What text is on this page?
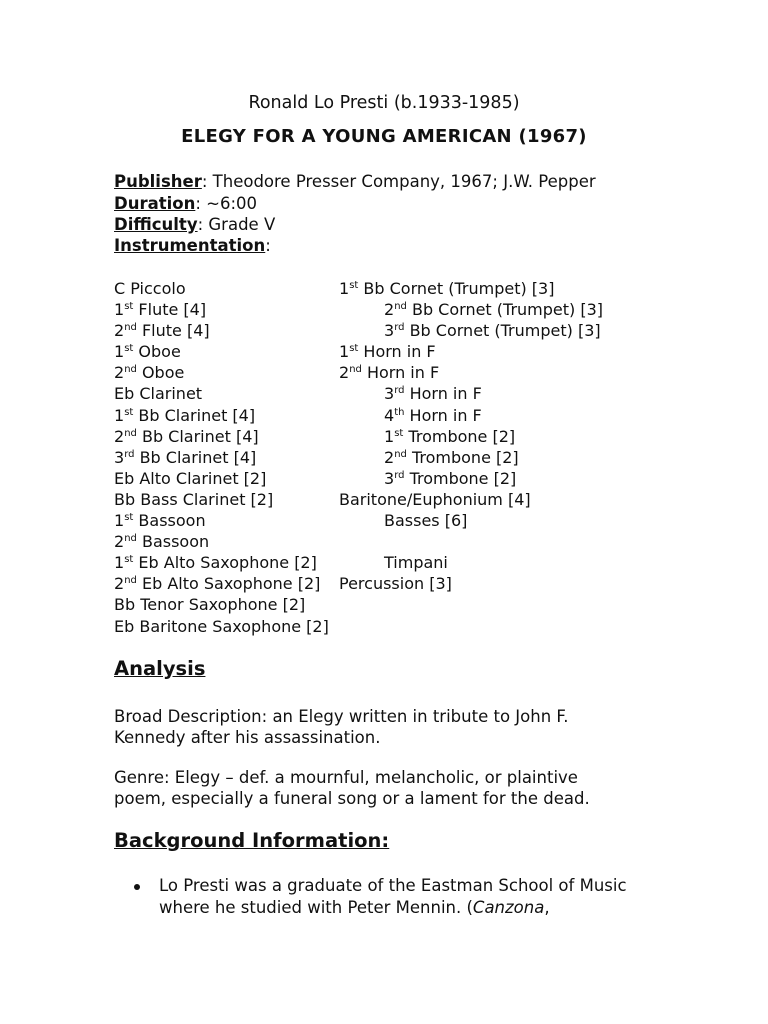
Ronald Lo Presti (b.1933-1985)
ELEGY FOR A YOUNG AMERICAN (1967)
Publisher: Theodore Presser Company, 1967; J.W. Pepper
Duration: ~6:00
Difficulty: Grade V
Instrumentation:
C Piccolo
1st Flute [4]
2nd Flute [4]
1st Oboe
2nd Oboe
Eb Clarinet
1st Bb Clarinet [4]
2nd Bb Clarinet [4]
3rd Bb Clarinet [4]
Eb Alto Clarinet [2]
Bb Bass Clarinet [2]
1st Bassoon
2nd Bassoon
1st Eb Alto Saxophone [2]
2nd Eb Alto Saxophone [2]
Bb Tenor Saxophone [2]
Eb Baritone Saxophone [2]
1st Bb Cornet (Trumpet) [3]
2nd Bb Cornet (Trumpet) [3]
3rd Bb Cornet (Trumpet) [3]
1st Horn in F
2nd Horn in F
3rd Horn in F
4th Horn in F
1st Trombone [2]
2nd Trombone [2]
3rd Trombone [2]
Baritone/Euphonium [4]
Basses [6]
Timpani
Percussion [3]
Analysis
Broad Description: an Elegy written in tribute to John F. Kennedy after his assassination.
Genre: Elegy – def. a mournful, melancholic, or plaintive poem, especially a funeral song or a lament for the dead.
Background Information:
Lo Presti was a graduate of the Eastman School of Music where he studied with Peter Mennin. (Canzona,
